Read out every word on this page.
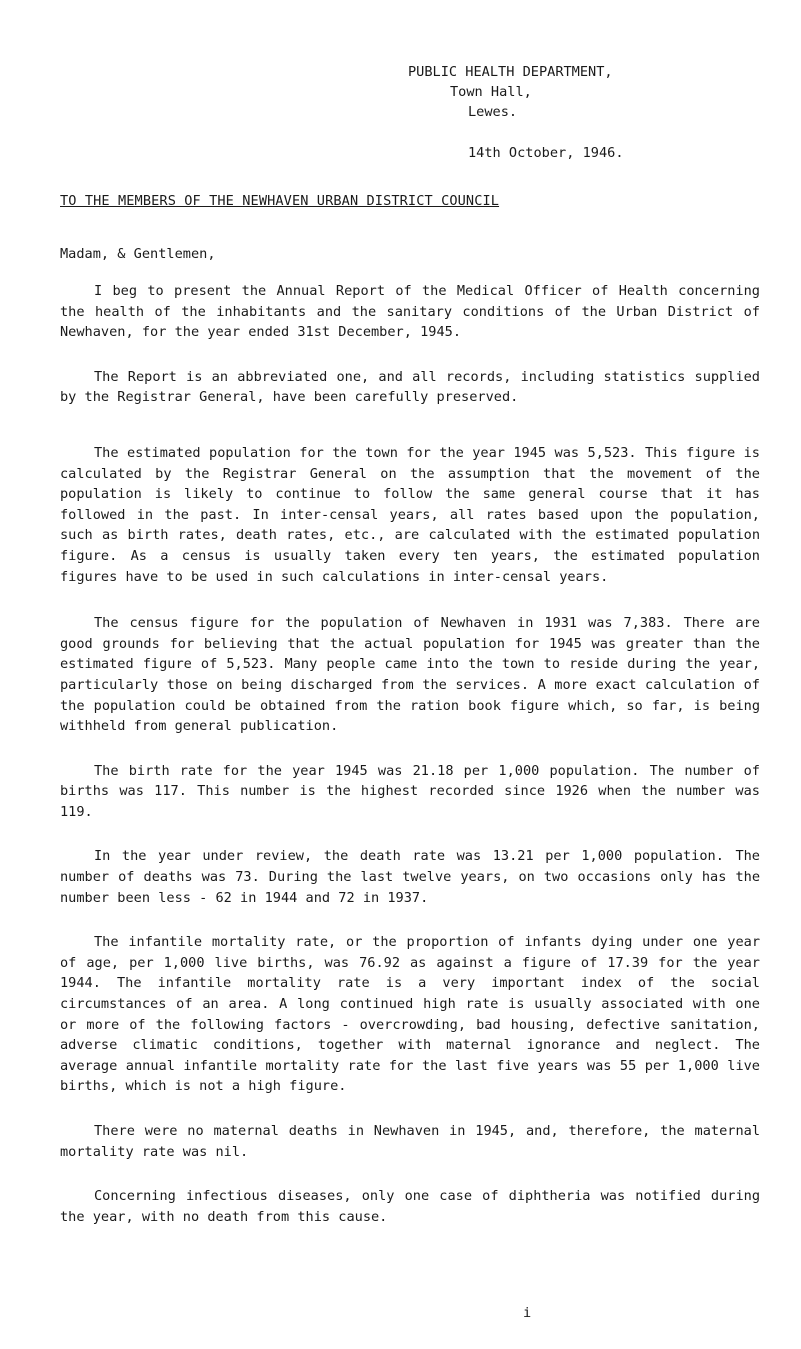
PUBLIC HEALTH DEPARTMENT,
Town Hall,
Lewes.
14th October, 1946.
TO THE MEMBERS OF THE NEWHAVEN URBAN DISTRICT COUNCIL
Madam, & Gentlemen,

I beg to present the Annual Report of the Medical Officer of Health concerning the health of the inhabitants and the sanitary conditions of the Urban District of Newhaven, for the year ended 31st December, 1945.

The Report is an abbreviated one, and all records, including statistics supplied by the Registrar General, have been carefully preserved.

The estimated population for the town for the year 1945 was 5,523. This figure is calculated by the Registrar General on the assumption that the movement of the population is likely to continue to follow the same general course that it has followed in the past. In inter-censal years, all rates based upon the population, such as birth rates, death rates, etc., are calculated with the estimated population figure. As a census is usually taken every ten years, the estimated population figures have to be used in such calculations in inter-censal years.

The census figure for the population of Newhaven in 1931 was 7,383. There are good grounds for believing that the actual population for 1945 was greater than the estimated figure of 5,523. Many people came into the town to reside during the year, particularly those on being discharged from the services. A more exact calculation of the population could be obtained from the ration book figure which, so far, is being withheld from general publication.

The birth rate for the year 1945 was 21.18 per 1,000 population. The number of births was 117. This number is the highest recorded since 1926 when the number was 119.

In the year under review, the death rate was 13.21 per 1,000 population. The number of deaths was 73. During the last twelve years, on two occasions only has the number been less - 62 in 1944 and 72 in 1937.

The infantile mortality rate, or the proportion of infants dying under one year of age, per 1,000 live births, was 76.92 as against a figure of 17.39 for the year 1944. The infantile mortality rate is a very important index of the social circumstances of an area. A long continued high rate is usually associated with one or more of the following factors - overcrowding, bad housing, defective sanitation, adverse climatic conditions, together with maternal ignorance and neglect. The average annual infantile mortality rate for the last five years was 55 per 1,000 live births, which is not a high figure.

There were no maternal deaths in Newhaven in 1945, and, therefore, the maternal mortality rate was nil.

Concerning infectious diseases, only one case of diphtheria was notified during the year, with no death from this cause.

i
